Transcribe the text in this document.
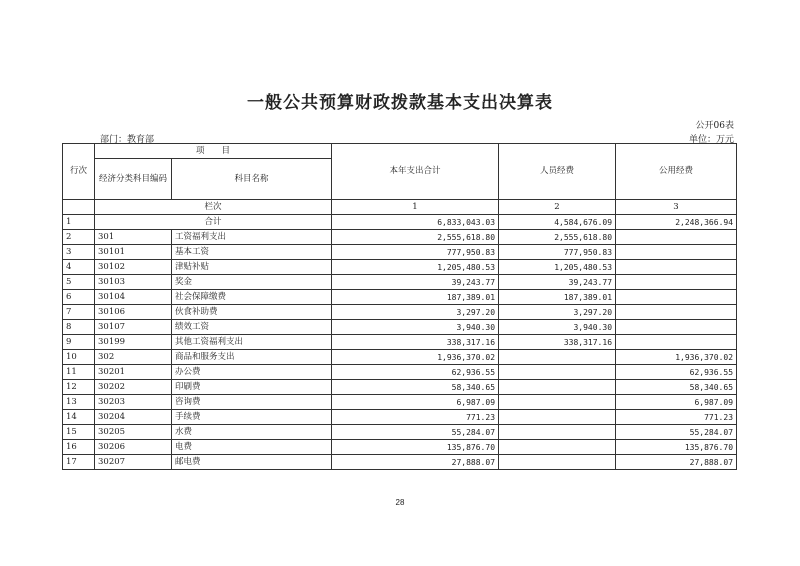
一般公共预算财政拨款基本支出决算表
公开06表
部门：教育部	单位：万元
行次	项　　目		本年支出合计	人员经费	公用经费
	经济分类科目编码	科目名称			
	栏次		1	2	3
1	合计		6,833,043.03	4,584,676.09	2,248,366.94
2	301	工资福利支出	2,555,618.80	2,555,618.80	
3	30101	基本工资	777,950.83	777,950.83	
4	30102	津贴补贴	1,205,480.53	1,205,480.53	
5	30103	奖金	39,243.77	39,243.77	
6	30104	社会保障缴费	187,389.01	187,389.01	
7	30106	伙食补助费	3,297.20	3,297.20	
8	30107	绩效工资	3,940.30	3,940.30	
9	30199	其他工资福利支出	338,317.16	338,317.16	
10	302	商品和服务支出	1,936,370.02		1,936,370.02
11	30201	办公费	62,936.55		62,936.55
12	30202	印刷费	58,340.65		58,340.65
13	30203	咨询费	6,987.09		6,987.09
14	30204	手续费	771.23		771.23
15	30205	水费	55,284.07		55,284.07
16	30206	电费	135,876.70		135,876.70
17	30207	邮电费	27,888.07		27,888.07
28
